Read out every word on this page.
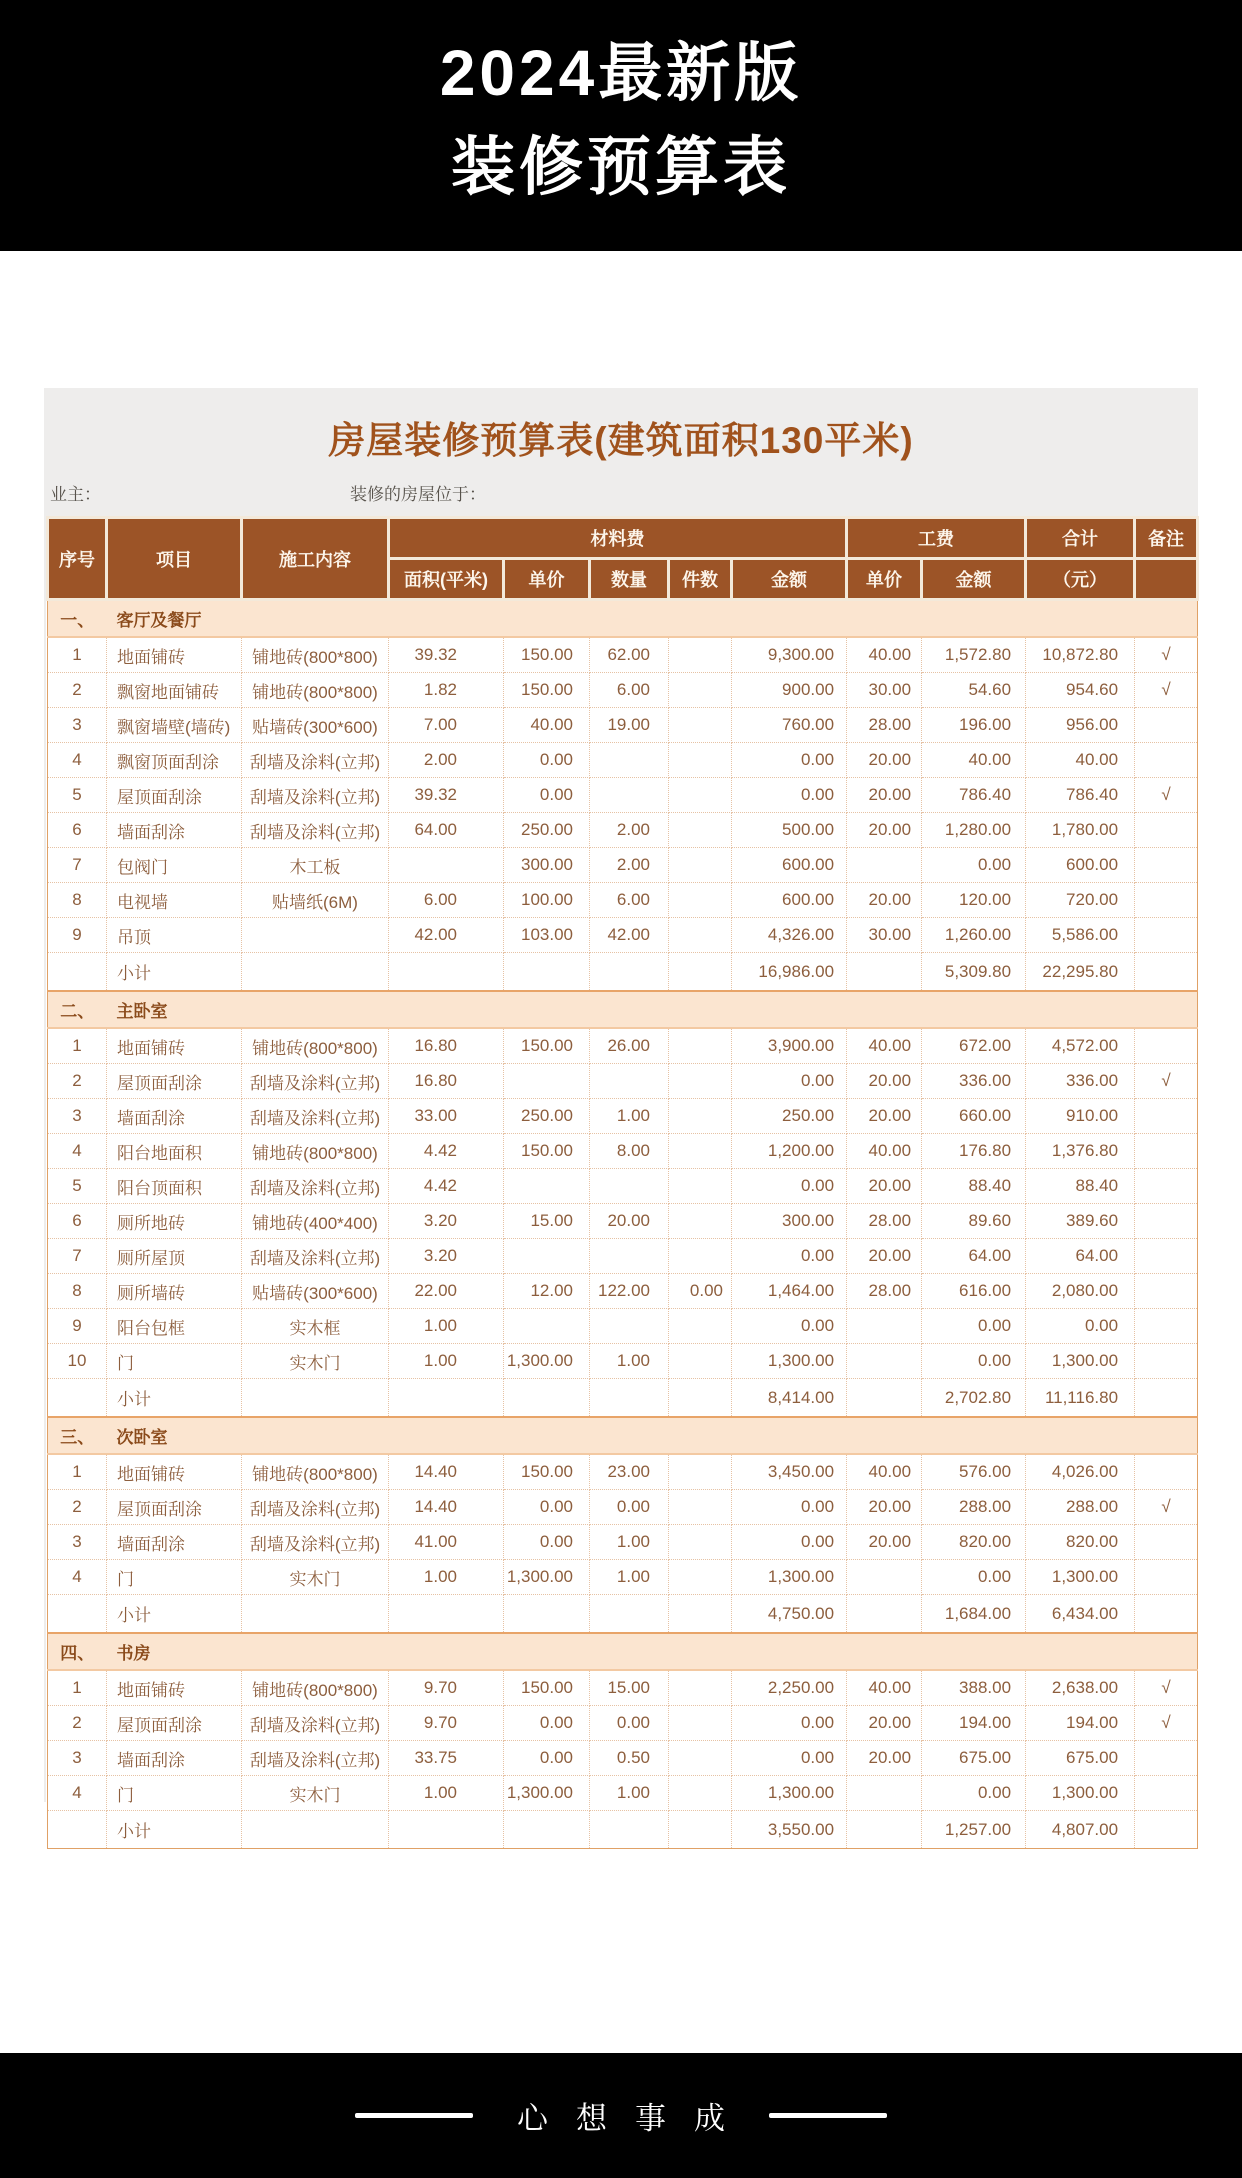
2024最新版
装修预算表
房屋装修预算表(建筑面积130平米)
业主：	装修的房屋位于：
序号	项目	施工内容	材料费					工费		合计	备注
			面积(平米)	单价	数量	件数	金额	单价	金额	（元）	
一、	客厅及餐厅										
1	地面铺砖	铺地砖(800*800)	39.32	150.00	62.00		9,300.00	40.00	1,572.80	10,872.80	√
2	飘窗地面铺砖	铺地砖(800*800)	1.82	150.00	6.00		900.00	30.00	54.60	954.60	√
3	飘窗墙壁(墙砖)	贴墙砖(300*600)	7.00	40.00	19.00		760.00	28.00	196.00	956.00	
4	飘窗顶面刮涂	刮墙及涂料(立邦)	2.00	0.00			0.00	20.00	40.00	40.00	
5	屋顶面刮涂	刮墙及涂料(立邦)	39.32	0.00			0.00	20.00	786.40	786.40	√
6	墙面刮涂	刮墙及涂料(立邦)	64.00	250.00	2.00		500.00	20.00	1,280.00	1,780.00	
7	包阀门	木工板		300.00	2.00		600.00		0.00	600.00	
8	电视墙	贴墙纸(6M)	6.00	100.00	6.00		600.00	20.00	120.00	720.00	
9	吊顶		42.00	103.00	42.00		4,326.00	30.00	1,260.00	5,586.00	
	小计						16,986.00		5,309.80	22,295.80	
二、	主卧室										
1	地面铺砖	铺地砖(800*800)	16.80	150.00	26.00		3,900.00	40.00	672.00	4,572.00	
2	屋顶面刮涂	刮墙及涂料(立邦)	16.80				0.00	20.00	336.00	336.00	√
3	墙面刮涂	刮墙及涂料(立邦)	33.00	250.00	1.00		250.00	20.00	660.00	910.00	
4	阳台地面积	铺地砖(800*800)	4.42	150.00	8.00		1,200.00	40.00	176.80	1,376.80	
5	阳台顶面积	刮墙及涂料(立邦)	4.42				0.00	20.00	88.40	88.40	
6	厕所地砖	铺地砖(400*400)	3.20	15.00	20.00		300.00	28.00	89.60	389.60	
7	厕所屋顶	刮墙及涂料(立邦)	3.20				0.00	20.00	64.00	64.00	
8	厕所墙砖	贴墙砖(300*600)	22.00	12.00	122.00	0.00	1,464.00	28.00	616.00	2,080.00	
9	阳台包框	实木框	1.00				0.00		0.00	0.00	
10	门	实木门	1.00	1,300.00	1.00		1,300.00		0.00	1,300.00	
	小计						8,414.00		2,702.80	11,116.80	
三、	次卧室										
1	地面铺砖	铺地砖(800*800)	14.40	150.00	23.00		3,450.00	40.00	576.00	4,026.00	
2	屋顶面刮涂	刮墙及涂料(立邦)	14.40	0.00	0.00		0.00	20.00	288.00	288.00	√
3	墙面刮涂	刮墙及涂料(立邦)	41.00	0.00	1.00		0.00	20.00	820.00	820.00	
4	门	实木门	1.00	1,300.00	1.00		1,300.00		0.00	1,300.00	
	小计						4,750.00		1,684.00	6,434.00	
四、	书房										
1	地面铺砖	铺地砖(800*800)	9.70	150.00	15.00		2,250.00	40.00	388.00	2,638.00	√
2	屋顶面刮涂	刮墙及涂料(立邦)	9.70	0.00	0.00		0.00	20.00	194.00	194.00	√
3	墙面刮涂	刮墙及涂料(立邦)	33.75	0.00	0.50		0.00	20.00	675.00	675.00	
4	门	实木门	1.00	1,300.00	1.00		1,300.00		0.00	1,300.00	
	小计						3,550.00		1,257.00	4,807.00	
心想事成
